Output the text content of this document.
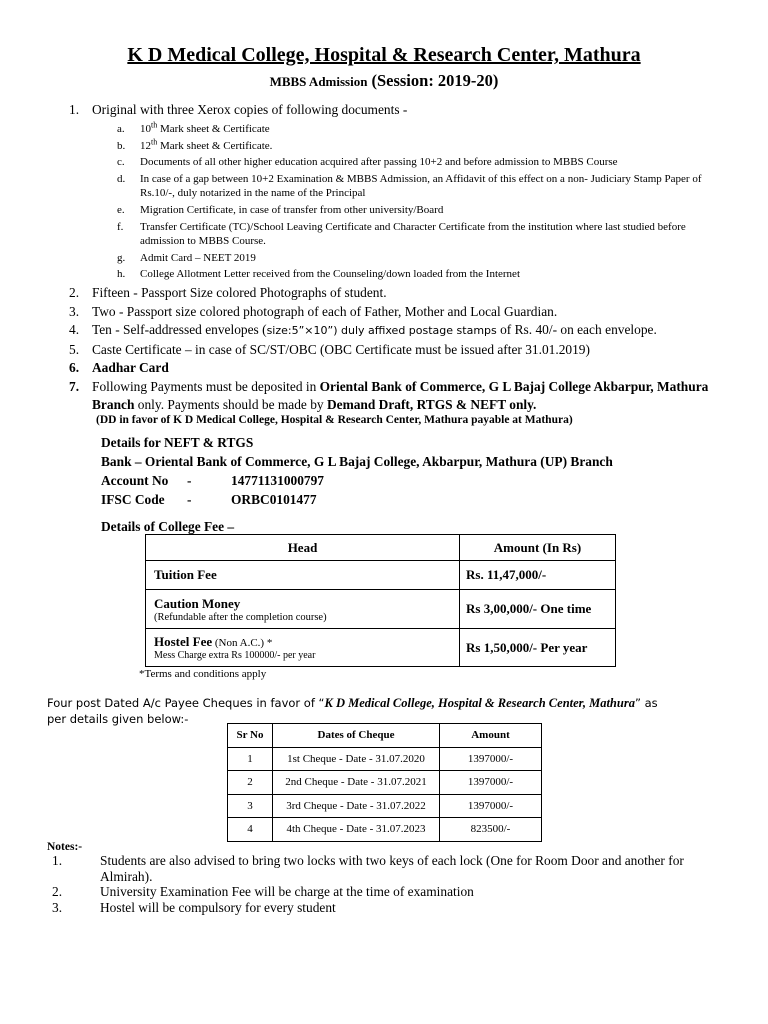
K D Medical College, Hospital & Research Center, Mathura
MBBS Admission (Session: 2019-20)
1. Original with three Xerox copies of following documents -
a. 10th Mark sheet & Certificate
b. 12th Mark sheet & Certificate.
c. Documents of all other higher education acquired after passing 10+2 and before admission to MBBS Course
d. In case of a gap between 10+2 Examination & MBBS Admission, an Affidavit of this effect on a non- Judiciary Stamp Paper of Rs.10/-, duly notarized in the name of the Principal
e. Migration Certificate, in case of transfer from other university/Board
f. Transfer Certificate (TC)/School Leaving Certificate and Character Certificate from the institution where last studied before admission to MBBS Course.
g. Admit Card – NEET 2019
h. College Allotment Letter received from the Counseling/down loaded from the Internet
2. Fifteen - Passport Size colored Photographs of student.
3. Two - Passport size colored photograph of each of Father, Mother and Local Guardian.
4. Ten - Self-addressed envelopes (size:5”×10”) duly affixed postage stamps of Rs. 40/- on each envelope.
5. Caste Certificate – in case of SC/ST/OBC (OBC Certificate must be issued after 31.01.2019)
6. Aadhar Card
7. Following Payments must be deposited in Oriental Bank of Commerce, G L Bajaj College Akbarpur, Mathura Branch only. Payments should be made by Demand Draft, RTGS & NEFT only.
(DD in favor of K D Medical College, Hospital & Research Center, Mathura payable at Mathura)
Details for NEFT & RTGS
Bank – Oriental Bank of Commerce, G L Bajaj College, Akbarpur, Mathura (UP) Branch
Account No -	14771131000797
IFSC Code -	ORBC0101477
Details of College Fee –
Head	Amount (In Rs)
Tuition Fee	Rs. 11,47,000/-

Caution Money
(Refundable after the completion course)	Rs 3,00,000/- One time

Hostel Fee (Non A.C.) *
Mess Charge extra Rs 100000/- per year	Rs 1,50,000/- Per year
*Terms and conditions apply
Four post Dated A/c Payee Cheques in favor of “K D Medical College, Hospital & Research Center, Mathura” as
per details given below:-
Sr No	Dates of Cheque	Amount
1	1st Cheque - Date - 31.07.2020	1397000/-
2	2nd Cheque - Date - 31.07.2021	1397000/-
3	3rd Cheque - Date - 31.07.2022	1397000/-
4	4th Cheque - Date - 31.07.2023	823500/-
Notes:-
1.	Students are also advised to bring two locks with two keys of each lock (One for Room Door and another for Almirah).
2.	University Examination Fee will be charge at the time of examination
3.	Hostel will be compulsory for every student
